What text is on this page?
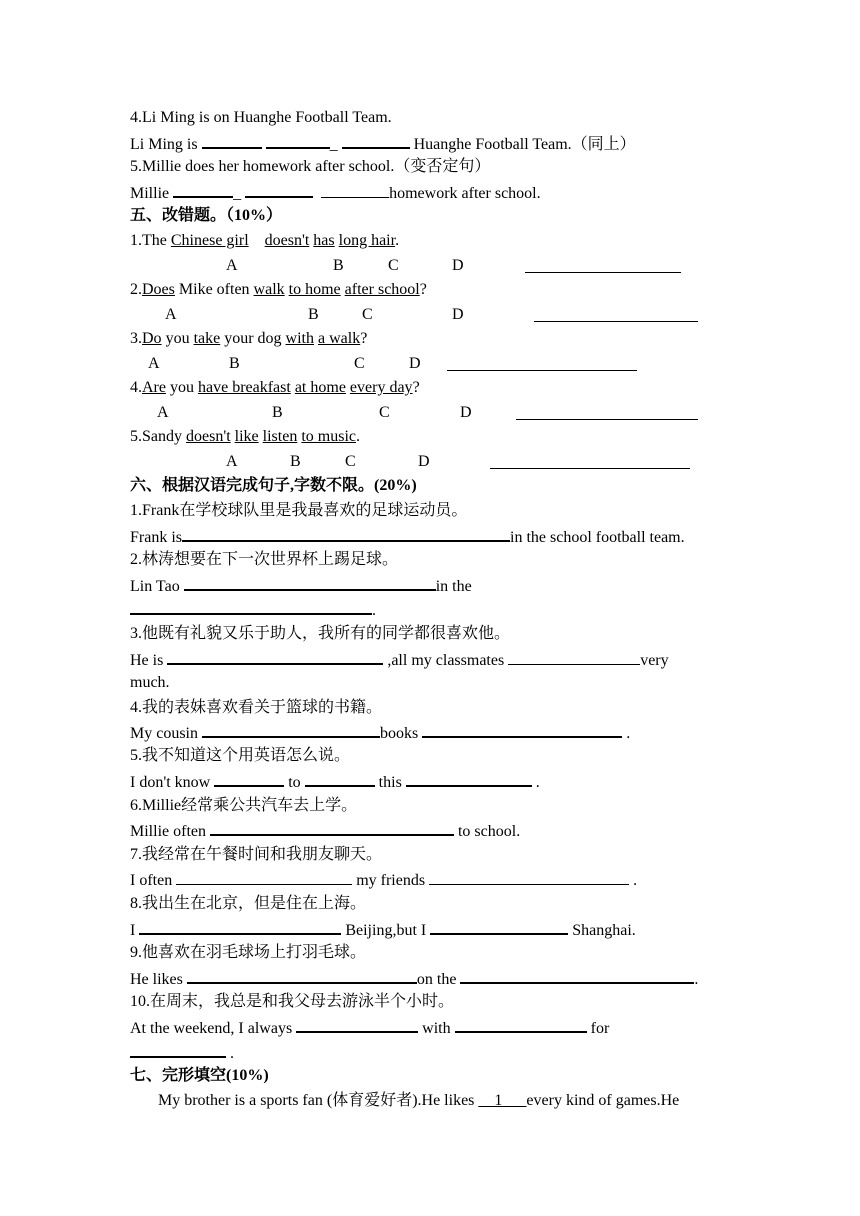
4.Li Ming is on Huanghe Football Team.
Li Ming is	_	Huanghe Football Team.（同上）
5.Millie does her homework after school.（变否定句）
Millie	_	homework after school.
五、改错题。（10%）
1.The Chinese girl doesn't has long hair.
A	B	C	D
2.Does Mike often walk to home after school?
A	B	C	D
3.Do you take your dog with a walk?
A	B	C	D
4.Are you have breakfast at home every day?
A	B	C	D
5.Sandy doesn't like listen to music.
A	B	C	D
六、根据汉语完成句子,字数不限。(20%)
1.Frank在学校球队里是我最喜欢的足球运动员。
Frank is	in the school football team.
2.林涛想要在下一次世界杯上踢足球。
Lin Tao	in the
.
3.他既有礼貌又乐于助人，我所有的同学都很喜欢他。
He is	,all my classmates	very
much.
4.我的表妹喜欢看关于篮球的书籍。
My cousin	books	.
5.我不知道这个用英语怎么说。
I don't know	to	this	.
6.Millie经常乘公共汽车去上学。
Millie often	to school.
7.我经常在午餐时间和我朋友聊天。
I often	my friends	.
8.我出生在北京，但是住在上海。
I	Beijing,but I	Shanghai.
9.他喜欢在羽毛球场上打羽毛球。
He likes	on the	.
10.在周末，我总是和我父母去游泳半个小时。
At the weekend, I always	with	for
.
七、完形填空(10%)
My brother is a sports fan (体育爱好者).He likes __1___every kind of games.He
